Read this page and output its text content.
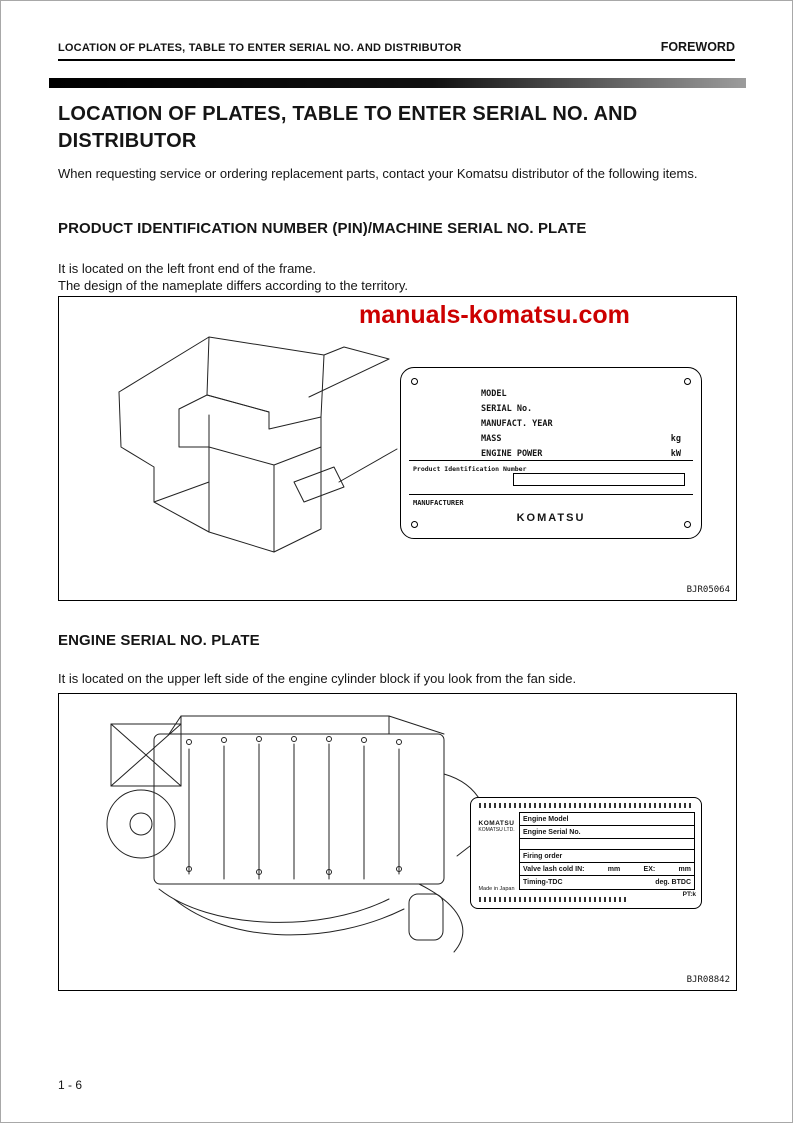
LOCATION OF PLATES, TABLE TO ENTER SERIAL NO. AND DISTRIBUTOR	FOREWORD
LOCATION OF PLATES, TABLE TO ENTER SERIAL NO. AND DISTRIBUTOR

When requesting service or ordering replacement parts, contact your Komatsu distributor of the following items.

PRODUCT IDENTIFICATION NUMBER (PIN)/MACHINE SERIAL NO. PLATE

It is located on the left front end of the frame.

The design of the nameplate differs according to the territory.

manuals-komatsu.com
MODEL
SERIAL No.
MANUFACT. YEAR
MASS	kg
ENGINE POWER	kW
Product Identification Number
MANUFACTURER
KOMATSU
BJR05064
ENGINE SERIAL NO. PLATE

It is located on the upper left side of the engine cylinder block if you look from the fan side.

KOMATSU
KOMATSU LTD.
Made in Japan
Engine Model
Engine Serial No.
Firing order
Valve lash cold IN:	mm	EX:	mm
Timing-TDC	deg. BTDC
PT:k
BJR08842
1 - 6
